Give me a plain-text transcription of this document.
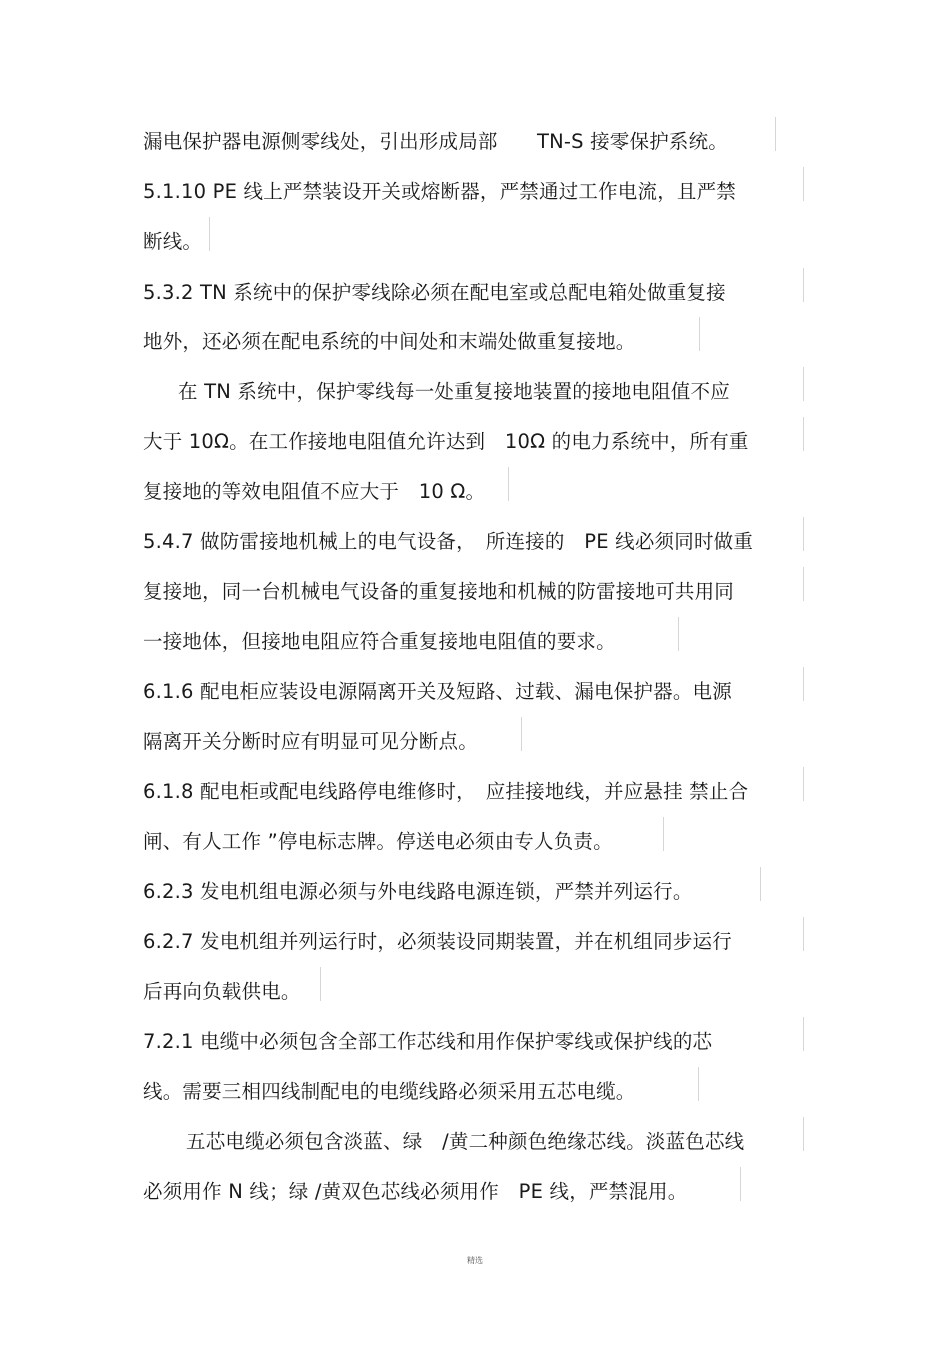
漏电保护器电源侧零线处，引出形成局部　　TN-S 接零保护系统。
5.1.10 PE 线上严禁装设开关或熔断器，严禁通过工作电流，且严禁
断线。
5.3.2 TN 系统中的保护零线除必须在配电室或总配电箱处做重复接
地外，还必须在配电系统的中间处和末端处做重复接地。
在 TN 系统中，保护零线每一处重复接地装置的接地电阻值不应
大于 10Ω。在工作接地电阻值允许达到　10Ω 的电力系统中，所有重
复接地的等效电阻值不应大于　10 Ω。
5.4.7 做防雷接地机械上的电气设备，　所连接的　PE 线必须同时做重
复接地，同一台机械电气设备的重复接地和机械的防雷接地可共用同
一接地体，但接地电阻应符合重复接地电阻值的要求。
6.1.6 配电柜应装设电源隔离开关及短路、过载、漏电保护器。电源
隔离开关分断时应有明显可见分断点。
6.1.8 配电柜或配电线路停电维修时，　应挂接地线，并应悬挂 禁止合
闸、有人工作 ”停电标志牌。停送电必须由专人负责。
6.2.3 发电机组电源必须与外电线路电源连锁，严禁并列运行。
6.2.7 发电机组并列运行时，必须装设同期装置，并在机组同步运行
后再向负载供电。
7.2.1 电缆中必须包含全部工作芯线和用作保护零线或保护线的芯
线。需要三相四线制配电的电缆线路必须采用五芯电缆。
五芯电缆必须包含淡蓝、绿　/黄二种颜色绝缘芯线。淡蓝色芯线
必须用作 N 线；绿 /黄双色芯线必须用作　PE 线，严禁混用。
精选
